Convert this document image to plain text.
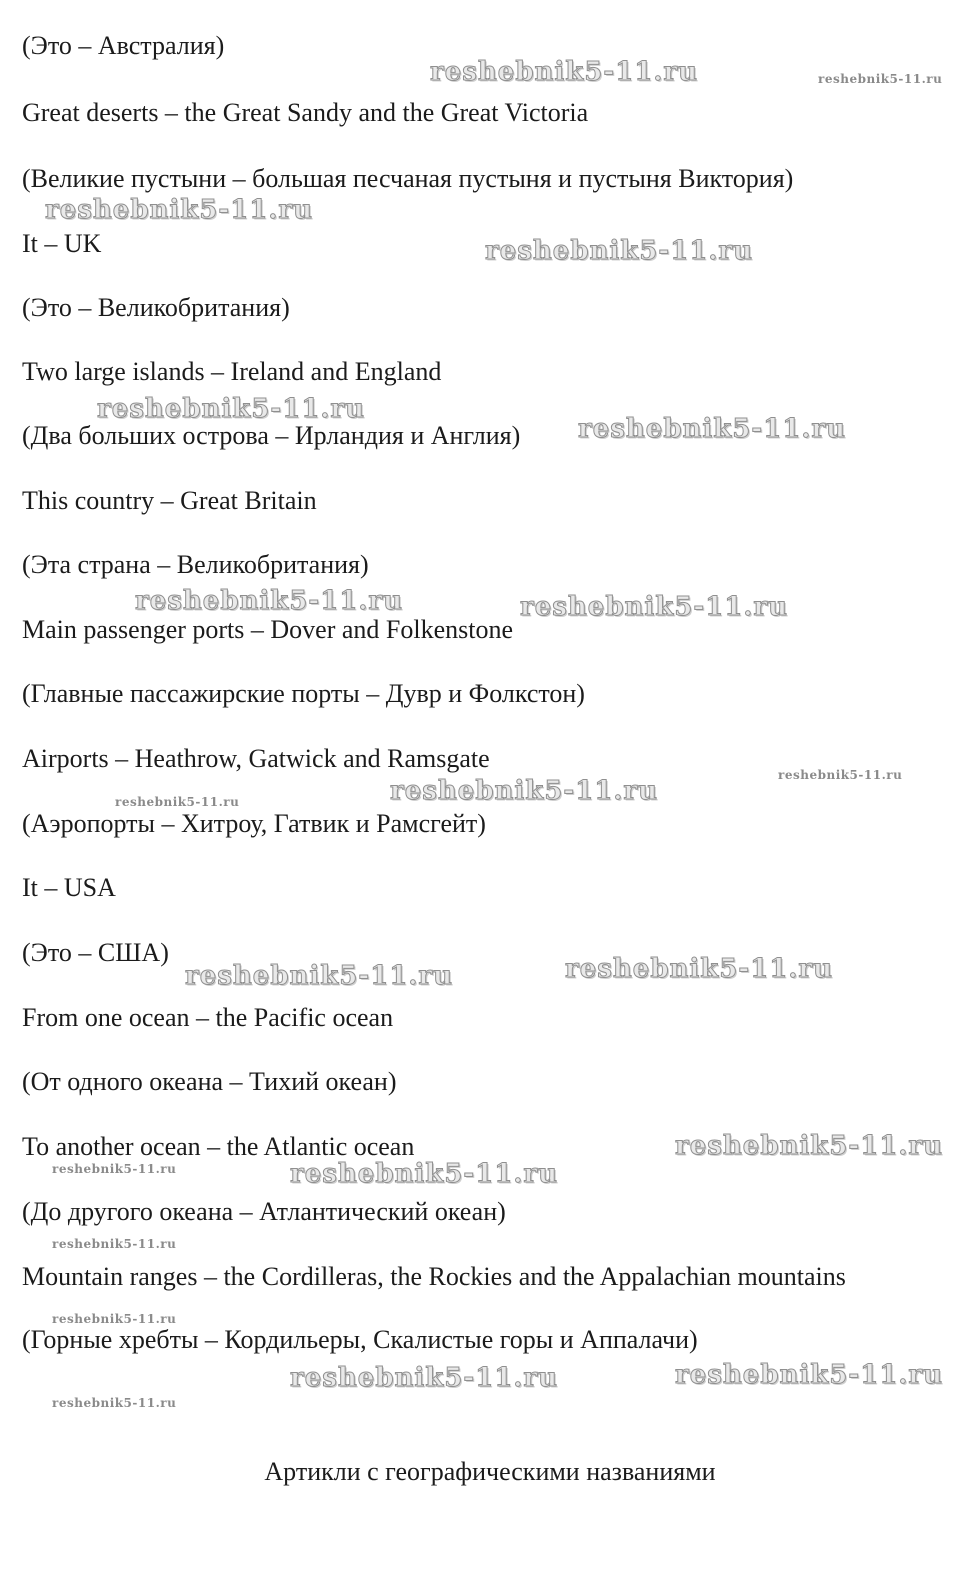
(Это – Австралия)
Great deserts – the Great Sandy and the Great Victoria
(Великие пустыни – большая песчаная пустыня и пустыня Виктория)
It – UK
(Это – Великобритания)
Two large islands – Ireland and England
(Два больших острова – Ирландия и Англия)
This country – Great Britain
(Эта страна – Великобритания)
Main passenger ports – Dover and Folkenstone
(Главные пассажирские порты – Дувр и Фолкстон)
Airports – Heathrow, Gatwick and Ramsgate
(Аэропорты – Хитроу, Гатвик и Рамсгейт)
It – USA
(Это – США)
From one ocean – the Pacific ocean
(От одного океана – Тихий океан)
To another ocean – the Atlantic ocean
(До другого океана – Атлантический океан)
Mountain ranges – the Cordilleras, the Rockies and the Appalachian mountains
(Горные хребты – Кордильеры, Скалистые горы и Аппалачи)
reshebnik5-11.ru
reshebnik5-11.ru
reshebnik5-11.ru
reshebnik5-11.ru
reshebnik5-11.ru
reshebnik5-11.ru	reshebnik5-11.ru
reshebnik5-11.ru
reshebnik5-11.ru	reshebnik5-11.ru
reshebnik5-11.ru
reshebnik5-11.ru
reshebnik5-11.ru	reshebnik5-11.ru
reshebnik5-11.ru
reshebnik5-11.ru
reshebnik5-11.ru
reshebnik5-11.ru
reshebnik5-11.ru
reshebnik5-11.ru
reshebnik5-11.ru
Артикли с географическими названиями
